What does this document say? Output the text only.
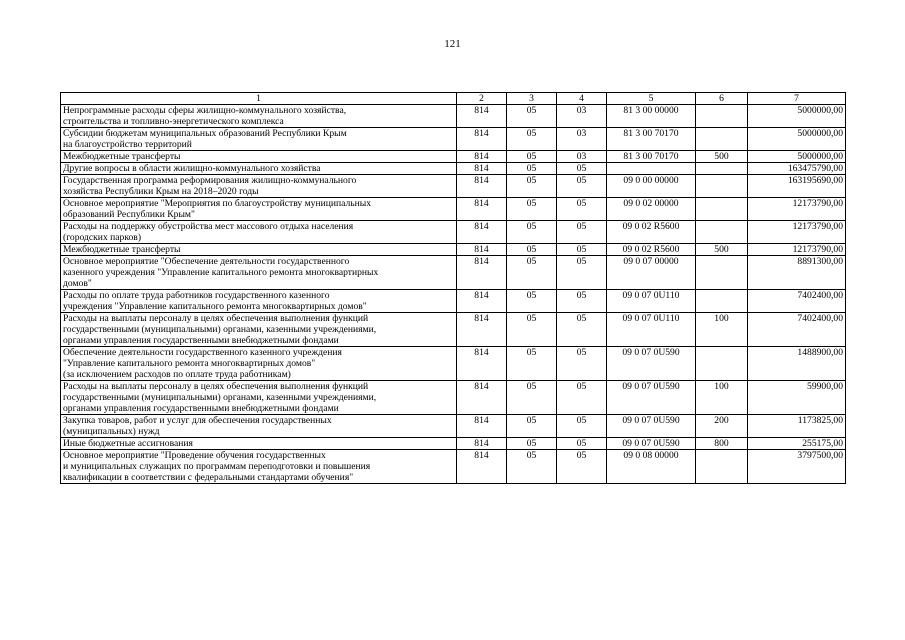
121
1	2	3	4	5	6	7
Непрограммные расходы сферы жилищно-коммунального хозяйства,
строительства и топливно-энергетического комплекса	814	05	03	81 3 00 00000		5000000,00
Субсидии бюджетам муниципальных образований Республики Крым
на благоустройство территорий	814	05	03	81 3 00 70170		5000000,00
Межбюджетные трансферты	814	05	03	81 3 00 70170	500	5000000,00
Другие вопросы в области жилищно-коммунального хозяйства	814	05	05			163475790,00
Государственная программа реформирования жилищно-коммунального
хозяйства Республики Крым на 2018–2020 годы	814	05	05	09 0 00 00000		163195690,00
Основное мероприятие "Мероприятия по благоустройству муниципальных
образований Республики Крым"	814	05	05	09 0 02 00000		12173790,00
Расходы на поддержку обустройства мест массового отдыха населения
(городских парков)	814	05	05	09 0 02 R5600		12173790,00
Межбюджетные трансферты	814	05	05	09 0 02 R5600	500	12173790,00
Основное мероприятие "Обеспечение деятельности государственного
казенного учреждения "Управление капитального ремонта многоквартирных
домов"	814	05	05	09 0 07 00000		8891300,00
Расходы по оплате труда работников государственного казенного
учреждения "Управление капитального ремонта многоквартирных домов"	814	05	05	09 0 07 0U110		7402400,00
Расходы на выплаты персоналу в целях обеспечения выполнения функций
государственными (муниципальными) органами, казенными учреждениями,
органами управления государственными внебюджетными фондами	814	05	05	09 0 07 0U110	100	7402400,00
Обеспечение деятельности государственного казенного учреждения
"Управление капитального ремонта многоквартирных домов"
(за исключением расходов по оплате труда работникам)	814	05	05	09 0 07 0U590		1488900,00
Расходы на выплаты персоналу в целях обеспечения выполнения функций
государственными (муниципальными) органами, казенными учреждениями,
органами управления государственными внебюджетными фондами	814	05	05	09 0 07 0U590	100	59900,00
Закупка товаров, работ и услуг для обеспечения государственных
(муниципальных) нужд	814	05	05	09 0 07 0U590	200	1173825,00
Иные бюджетные ассигнования	814	05	05	09 0 07 0U590	800	255175,00
Основное мероприятие "Проведение обучения государственных
и муниципальных служащих по программам переподготовки и повышения
квалификации в соответствии с федеральными стандартами обучения"	814	05	05	09 0 08 00000		3797500,00
